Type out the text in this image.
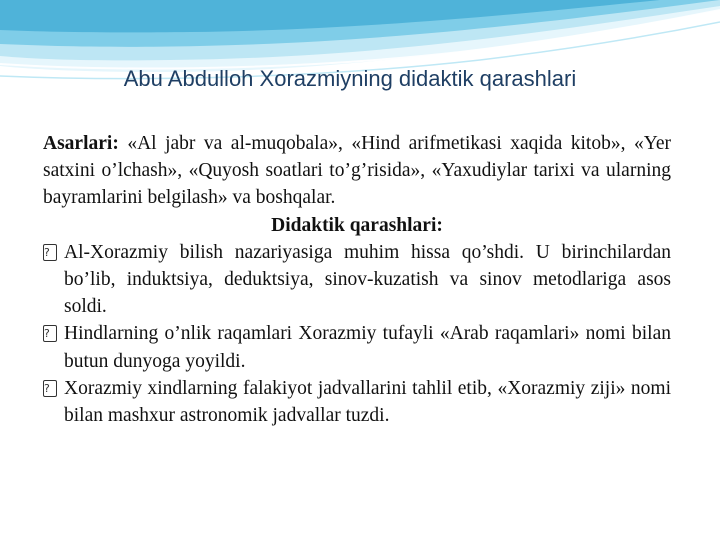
Abu Abdulloh Xorazmiyning didaktik qarashlari

Asarlari: «Al jabr va al-muqobala», «Hind arifmetikasi xaqida kitob», «Yer satxini o’lchash», «Quyosh soatlari to’g’risida», «Yaxudiylar tarixi va ularning bayramlarini belgilash» va boshqalar.

Didaktik qarashlari:

? Al-Xorazmiy bilish nazariyasiga muhim hissa qo’shdi. U birinchilardan bo’lib, induktsiya, deduktsiya, sinov-kuzatish va sinov metodlariga asos soldi.

? Hindlarning o’nlik raqamlari Xorazmiy tufayli «Arab raqamlari» nomi bilan butun dunyoga yoyildi.

? Xorazmiy xindlarning falakiyot jadvallarini tahlil etib, «Xorazmiy ziji» nomi bilan mashxur astronomik jadvallar tuzdi.
